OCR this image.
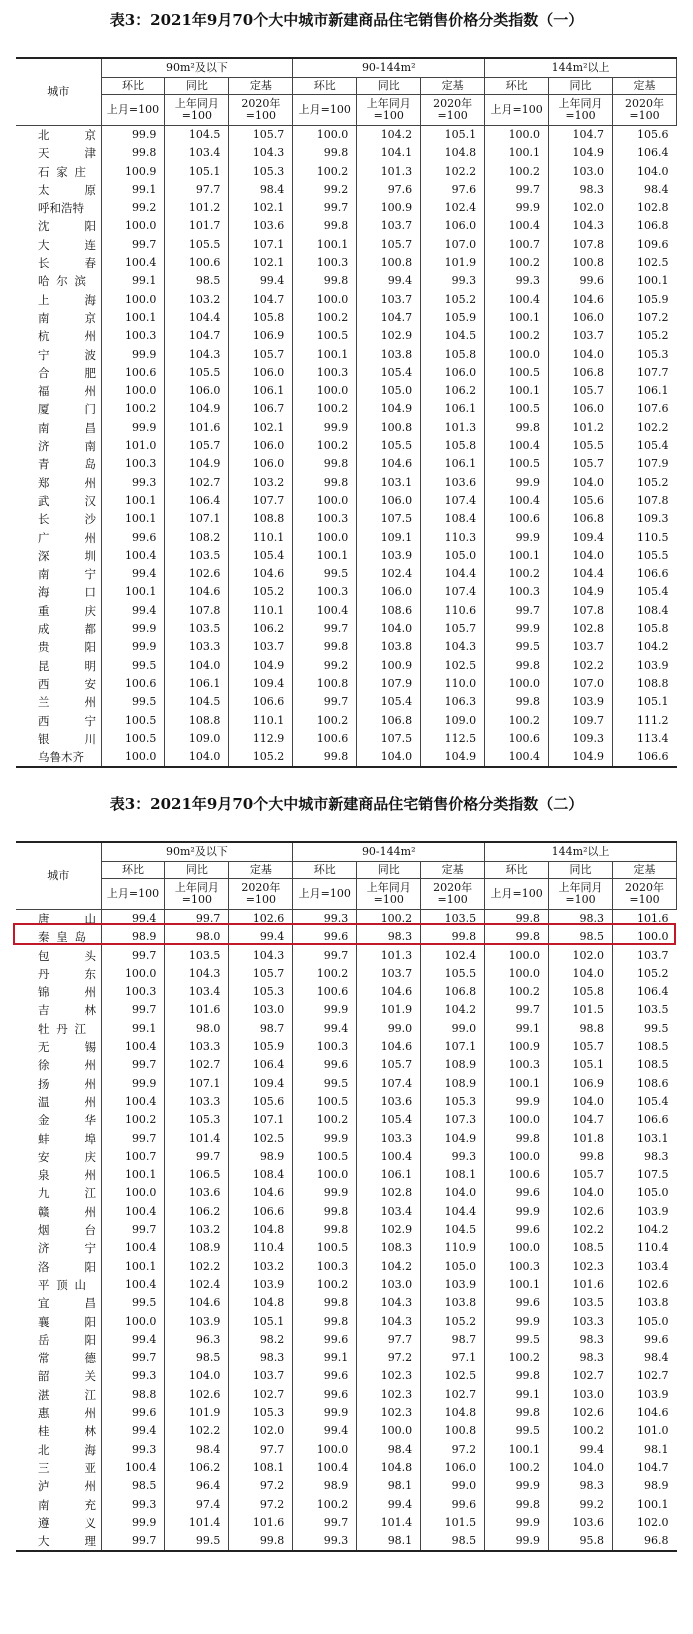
表3：2021年9月70个大中城市新建商品住宅销售价格分类指数（一）
城市	90m²及以下			90-144m²			144m²以上		
	环比	同比	定基	环比	同比	定基	环比	同比	定基
	上月=100	上年同月=100	2020年=100	上月=100	上年同月=100	2020年=100	上月=100	上年同月=100	2020年=100
北京	99.9	104.5	105.7	100.0	104.2	105.1	100.0	104.7	105.6
天津	99.8	103.4	104.3	99.8	104.1	104.8	100.1	104.9	106.4
石家庄	100.9	105.1	105.3	100.2	101.3	102.2	100.2	103.0	104.0
太原	99.1	97.7	98.4	99.2	97.6	97.6	99.7	98.3	98.4
呼和浩特	99.2	101.2	102.1	99.7	100.9	102.4	99.9	102.0	102.8
沈阳	100.0	101.7	103.6	99.8	103.7	106.0	100.4	104.3	106.8
大连	99.7	105.5	107.1	100.1	105.7	107.0	100.7	107.8	109.6
长春	100.4	100.6	102.1	100.3	100.8	101.9	100.2	100.8	102.5
哈尔滨	99.1	98.5	99.4	99.8	99.4	99.3	99.3	99.6	100.1
上海	100.0	103.2	104.7	100.0	103.7	105.2	100.4	104.6	105.9
南京	100.1	104.4	105.8	100.2	104.7	105.9	100.1	106.0	107.2
杭州	100.3	104.7	106.9	100.5	102.9	104.5	100.2	103.7	105.2
宁波	99.9	104.3	105.7	100.1	103.8	105.8	100.0	104.0	105.3
合肥	100.6	105.5	106.0	100.3	105.4	106.0	100.5	106.8	107.7
福州	100.0	106.0	106.1	100.0	105.0	106.2	100.1	105.7	106.1
厦门	100.2	104.9	106.7	100.2	104.9	106.1	100.5	106.0	107.6
南昌	99.9	101.6	102.1	99.9	100.8	101.3	99.8	101.2	102.2
济南	101.0	105.7	106.0	100.2	105.5	105.8	100.4	105.5	105.4
青岛	100.3	104.9	106.0	99.8	104.6	106.1	100.5	105.7	107.9
郑州	99.3	102.7	103.2	99.8	103.1	103.6	99.9	104.0	105.2
武汉	100.1	106.4	107.7	100.0	106.0	107.4	100.4	105.6	107.8
长沙	100.1	107.1	108.8	100.3	107.5	108.4	100.6	106.8	109.3
广州	99.6	108.2	110.1	100.0	109.1	110.3	99.9	109.4	110.5
深圳	100.4	103.5	105.4	100.1	103.9	105.0	100.1	104.0	105.5
南宁	99.4	102.6	104.6	99.5	102.4	104.4	100.2	104.4	106.6
海口	100.1	104.6	105.2	100.3	106.0	107.4	100.3	104.9	105.4
重庆	99.4	107.8	110.1	100.4	108.6	110.6	99.7	107.8	108.4
成都	99.9	103.5	106.2	99.7	104.0	105.7	99.9	102.8	105.8
贵阳	99.9	103.3	103.7	99.8	103.8	104.3	99.5	103.7	104.2
昆明	99.5	104.0	104.9	99.2	100.9	102.5	99.8	102.2	103.9
西安	100.6	106.1	109.4	100.8	107.9	110.0	100.0	107.0	108.8
兰州	99.5	104.5	106.6	99.7	105.4	106.3	99.8	103.9	105.1
西宁	100.5	108.8	110.1	100.2	106.8	109.0	100.2	109.7	111.2
银川	100.5	109.0	112.9	100.6	107.5	112.5	100.6	109.3	113.4
乌鲁木齐	100.0	104.0	105.2	99.8	104.0	104.9	100.4	104.9	106.6
表3：2021年9月70个大中城市新建商品住宅销售价格分类指数（二）
城市	90m²及以下			90-144m²			144m²以上		
	环比	同比	定基	环比	同比	定基	环比	同比	定基
	上月=100	上年同月=100	2020年=100	上月=100	上年同月=100	2020年=100	上月=100	上年同月=100	2020年=100
唐山	99.4	99.7	102.6	99.3	100.2	103.5	99.8	98.3	101.6
秦皇岛	98.9	98.0	99.4	99.6	98.3	99.8	99.8	98.5	100.0
包头	99.7	103.5	104.3	99.7	101.3	102.4	100.0	102.0	103.7
丹东	100.0	104.3	105.7	100.2	103.7	105.5	100.0	104.0	105.2
锦州	100.3	103.4	105.3	100.6	104.6	106.8	100.2	105.8	106.4
吉林	99.7	101.6	103.0	99.9	101.9	104.2	99.7	101.5	103.5
牡丹江	99.1	98.0	98.7	99.4	99.0	99.0	99.1	98.8	99.5
无锡	100.4	103.3	105.9	100.3	104.6	107.1	100.9	105.7	108.5
徐州	99.7	102.7	106.4	99.6	105.7	108.9	100.3	105.1	108.5
扬州	99.9	107.1	109.4	99.5	107.4	108.9	100.1	106.9	108.6
温州	100.4	103.3	105.6	100.5	103.6	105.3	99.9	104.0	105.4
金华	100.2	105.3	107.1	100.2	105.4	107.3	100.0	104.7	106.6
蚌埠	99.7	101.4	102.5	99.9	103.3	104.9	99.8	101.8	103.1
安庆	100.7	99.7	98.9	100.5	100.4	99.3	100.0	99.8	98.3
泉州	100.1	106.5	108.4	100.0	106.1	108.1	100.6	105.7	107.5
九江	100.0	103.6	104.6	99.9	102.8	104.0	99.6	104.0	105.0
赣州	100.4	106.2	106.6	99.8	103.4	104.4	99.9	102.6	103.9
烟台	99.7	103.2	104.8	99.8	102.9	104.5	99.6	102.2	104.2
济宁	100.4	108.9	110.4	100.5	108.3	110.9	100.0	108.5	110.4
洛阳	100.1	102.2	103.2	100.3	104.2	105.0	100.3	102.3	103.4
平顶山	100.4	102.4	103.9	100.2	103.0	103.9	100.1	101.6	102.6
宜昌	99.5	104.6	104.8	99.8	104.3	103.8	99.6	103.5	103.8
襄阳	100.0	103.9	105.1	99.8	104.3	105.2	99.9	103.3	105.0
岳阳	99.4	96.3	98.2	99.6	97.7	98.7	99.5	98.3	99.6
常德	99.7	98.5	98.3	99.1	97.2	97.1	100.2	98.3	98.4
韶关	99.3	104.0	103.7	99.6	102.3	102.5	99.8	102.7	102.7
湛江	98.8	102.6	102.7	99.6	102.3	102.7	99.1	103.0	103.9
惠州	99.6	101.9	105.3	99.9	102.3	104.8	99.8	102.6	104.6
桂林	99.4	102.2	102.0	99.4	100.0	100.8	99.5	100.2	101.0
北海	99.3	98.4	97.7	100.0	98.4	97.2	100.1	99.4	98.1
三亚	100.4	106.2	108.1	100.4	104.8	106.0	100.2	104.0	104.7
泸州	98.5	96.4	97.2	98.9	98.1	99.0	99.9	98.3	98.9
南充	99.3	97.4	97.2	100.2	99.4	99.6	99.8	99.2	100.1
遵义	99.9	101.4	101.6	99.7	101.4	101.5	99.9	103.6	102.0
大理	99.7	99.5	99.8	99.3	98.1	98.5	99.9	95.8	96.8
